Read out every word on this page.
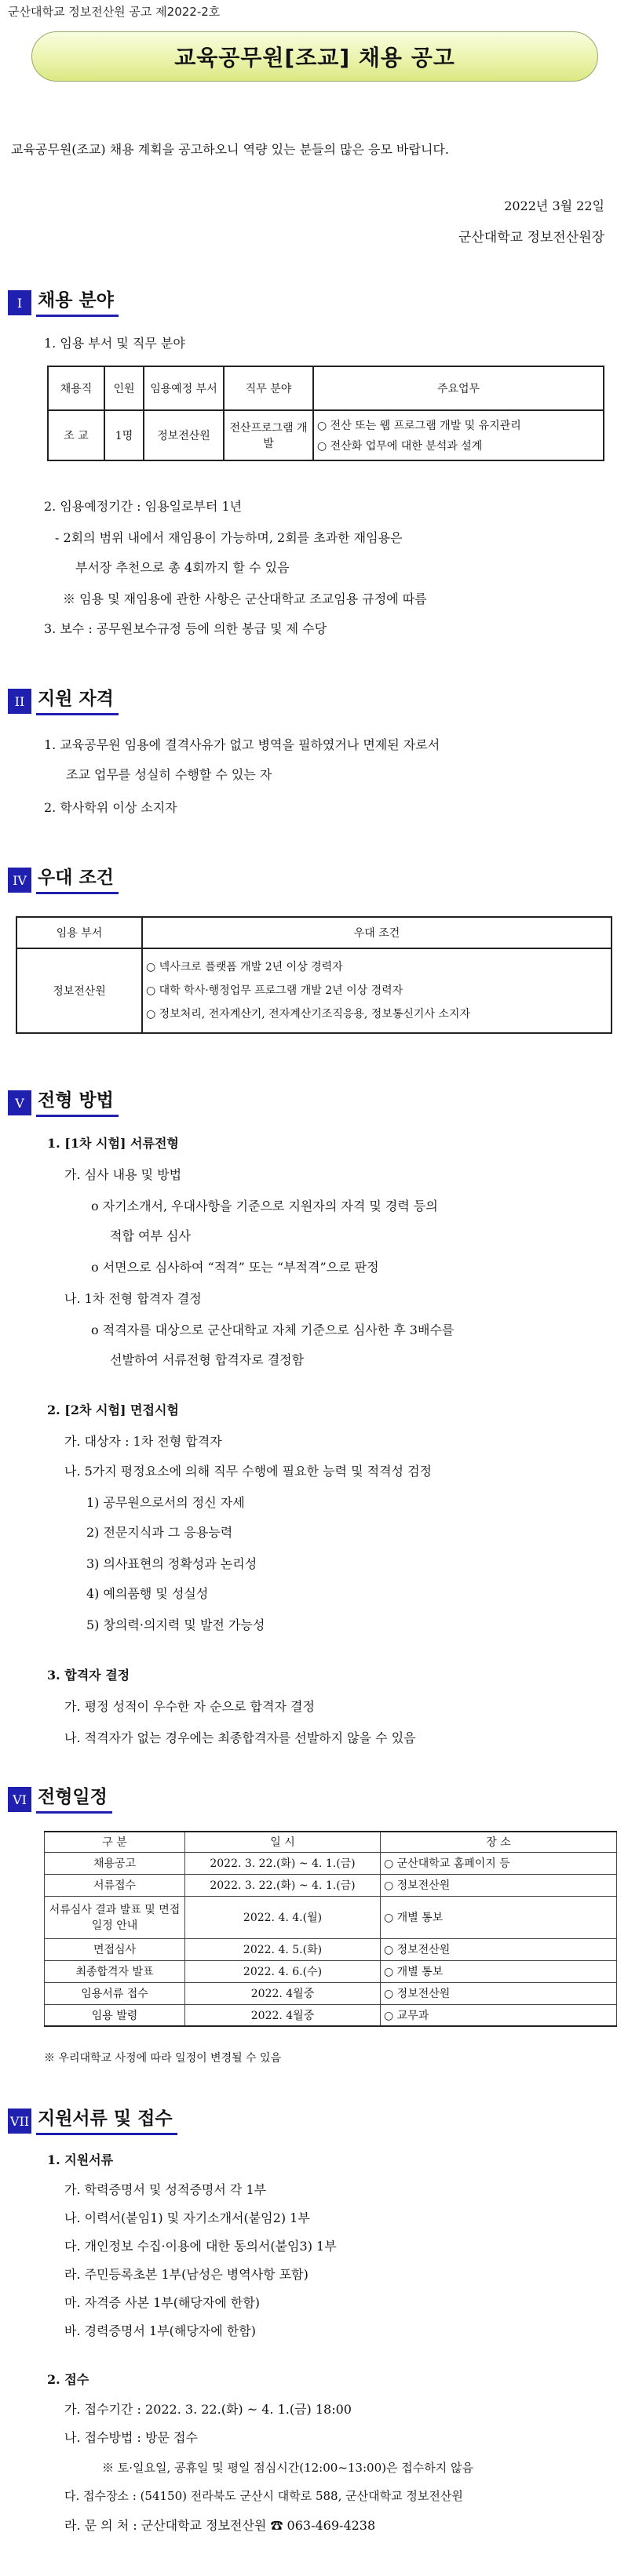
군산대학교 정보전산원 공고 제2022-2호
교육공무원[조교] 채용 공고
교육공무원(조교) 채용 계획을 공고하오니 역량 있는 분들의 많은 응모 바랍니다.
2022년 3월 22일
군산대학교 정보전산원장
I 채용 분야
1. 임용 부서 및 직무 분야
채용직	인원	임용예정 부서	직무 분야	주요업무
조 교	1명	정보전산원	전산프로그램 개발	○ 전산 또는 웹 프로그램 개발 및 유지관리
○ 전산화 업무에 대한 분석과 설계
2. 임용예정기간 : 임용일로부터 1년
- 2회의 범위 내에서 재임용이 가능하며, 2회를 초과한 재임용은
부서장 추천으로 총 4회까지 할 수 있음
※ 임용 및 재임용에 관한 사항은 군산대학교 조교임용 규정에 따름
3. 보수 : 공무원보수규정 등에 의한 봉급 및 제 수당
II 지원 자격
1. 교육공무원 임용에 결격사유가 없고 병역을 필하였거나 면제된 자로서
조교 업무를 성실히 수행할 수 있는 자
2. 학사학위 이상 소지자
IV 우대 조건
임용 부서	우대 조건
정보전산원	○ 넥사크로 플랫폼 개발 2년 이상 경력자
○ 대학 학사·행정업무 프로그램 개발 2년 이상 경력자
○ 정보처리, 전자계산기, 전자계산기조직응용, 정보통신기사 소지자
V 전형 방법
1. [1차 시험] 서류전형
가. 심사 내용 및 방법
o 자기소개서, 우대사항을 기준으로 지원자의 자격 및 경력 등의
적합 여부 심사
o 서면으로 심사하여 “적격” 또는 “부적격”으로 판정
나. 1차 전형 합격자 결정
o 적격자를 대상으로 군산대학교 자체 기준으로 심사한 후 3배수를
선발하여 서류전형 합격자로 결정함
2. [2차 시험] 면접시험
가. 대상자 : 1차 전형 합격자
나. 5가지 평정요소에 의해 직무 수행에 필요한 능력 및 적격성 검정
1) 공무원으로서의 정신 자세
2) 전문지식과 그 응용능력
3) 의사표현의 정확성과 논리성
4) 예의품행 및 성실성
5) 창의력·의지력 및 발전 가능성
3. 합격자 결정
가. 평정 성적이 우수한 자 순으로 합격자 결정
나. 적격자가 없는 경우에는 최종합격자를 선발하지 않을 수 있음
VI 전형일정
구 분	일 시	장 소
채용공고	2022. 3. 22.(화) ~ 4. 1.(금)	○ 군산대학교 홈페이지 등
서류접수	2022. 3. 22.(화) ~ 4. 1.(금)	○ 정보전산원
서류심사 결과 발표 및 면접일정 안내	2022. 4. 4.(월)	○ 개별 통보
면접심사	2022. 4. 5.(화)	○ 정보전산원
최종합격자 발표	2022. 4. 6.(수)	○ 개별 통보
임용서류 접수	2022. 4월중	○ 정보전산원
임용 발령	2022. 4월중	○ 교무과
※ 우리대학교 사정에 따라 일정이 변경될 수 있음
VII 지원서류 및 접수
1. 지원서류
가. 학력증명서 및 성적증명서 각 1부
나. 이력서(붙임1) 및 자기소개서(붙임2) 1부
다. 개인정보 수집·이용에 대한 동의서(붙임3) 1부
라. 주민등록초본 1부(남성은 병역사항 포함)
마. 자격증 사본 1부(해당자에 한함)
바. 경력증명서 1부(해당자에 한함)
2. 접수
가. 접수기간 : 2022. 3. 22.(화) ~ 4. 1.(금) 18:00
나. 접수방법 : 방문 접수
※ 토·일요일, 공휴일 및 평일 점심시간(12:00~13:00)은 접수하지 않음
다. 접수장소 : (54150) 전라북도 군산시 대학로 588, 군산대학교 정보전산원
라. 문 의 처 : 군산대학교 정보전산원 ☎ 063-469-4238
